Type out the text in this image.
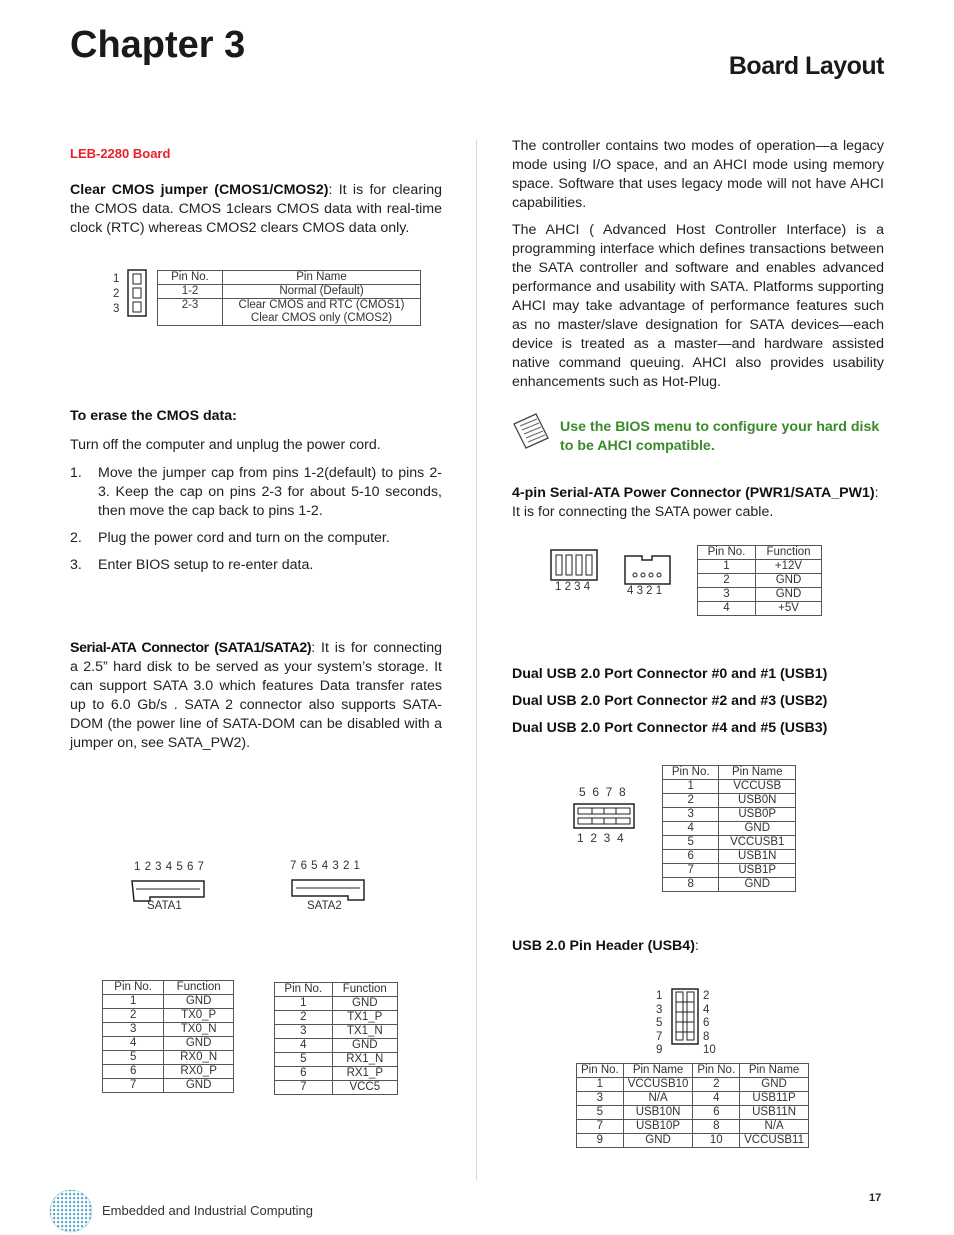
Chapter 3	Board Layout
LEB-2280 Board
Clear CMOS jumper (CMOS1/CMOS2): It is for clearing the CMOS data. CMOS 1clears CMOS data with real-time clock (RTC) whereas CMOS2 clears CMOS data only.
1
2
3
Pin No.	Pin Name
1-2	Normal (Default)
2-3	Clear CMOS and RTC (CMOS1)
Clear CMOS only (CMOS2)
To erase the CMOS data:
Turn off the computer and unplug the power cord.
1.	Move the jumper cap from pins 1-2(default) to pins 2-3. Keep the cap on pins 2-3 for about 5-10 seconds, then move the cap back to pins 1-2.
2.	Plug the power cord and turn on the computer.
3.	Enter BIOS setup to re-enter data.
Serial-ATA Connector (SATA1/SATA2): It is for connecting a 2.5” hard disk to be served as your system’s storage. It can support SATA 3.0 which features Data transfer rates up to 6.0 Gb/s . SATA 2 connector also supports SATA-DOM (the power line of SATA-DOM can be disabled with a jumper on, see SATA_PW2).
1 2 3 4 5 6 7
SATA1
7 6 5 4 3 2 1
SATA2
Pin No.	Function
1	GND
2	TX0_P
3	TX0_N
4	GND
5	RX0_N
6	RX0_P
7	GND
Pin No.	Function
1	GND
2	TX1_P
3	TX1_N
4	GND
5	RX1_N
6	RX1_P
7	VCC5
The controller contains two modes of operation—a legacy mode using I/O space, and an AHCI mode using memory space. Software that uses legacy mode will not have AHCI capabilities.
The AHCI ( Advanced Host Controller Interface) is a programming interface which defines transactions between the SATA controller and software and enables advanced performance and usability with SATA. Platforms supporting AHCI may take advantage of performance features such as no master/slave designation for SATA devices—each device is treated as a master—and hardware assisted native command queuing. AHCI also provides usability enhancements such as Hot-Plug.
Use the BIOS menu to configure your hard disk to be AHCI compatible.
4-pin Serial-ATA Power Connector (PWR1/SATA_PW1): It is for connecting the SATA power cable.
1 2 3 4	4 3 2 1
Pin No.	Function
1	+12V
2	GND
3	GND
4	+5V
Dual USB 2.0 Port Connector #0 and #1 (USB1)
Dual USB 2.0 Port Connector #2 and #3 (USB2)
Dual USB 2.0 Port Connector #4 and #5 (USB3)
5  6  7  8
1  2  3  4
Pin No.	Pin Name
1	VCCUSB
2	USB0N
3	USB0P
4	GND
5	VCCUSB1
6	USB1N
7	USB1P
8	GND
USB 2.0 Pin Header (USB4):
1
3
5
7
9
2
4
6
8
10
Pin No.	Pin Name	Pin No.	Pin Name
1	VCCUSB10	2	GND
3	N/A	4	USB11P
5	USB10N	6	USB11N
7	USB10P	8	N/A
9	GND	10	VCCUSB11
Embedded and Industrial Computing
17
